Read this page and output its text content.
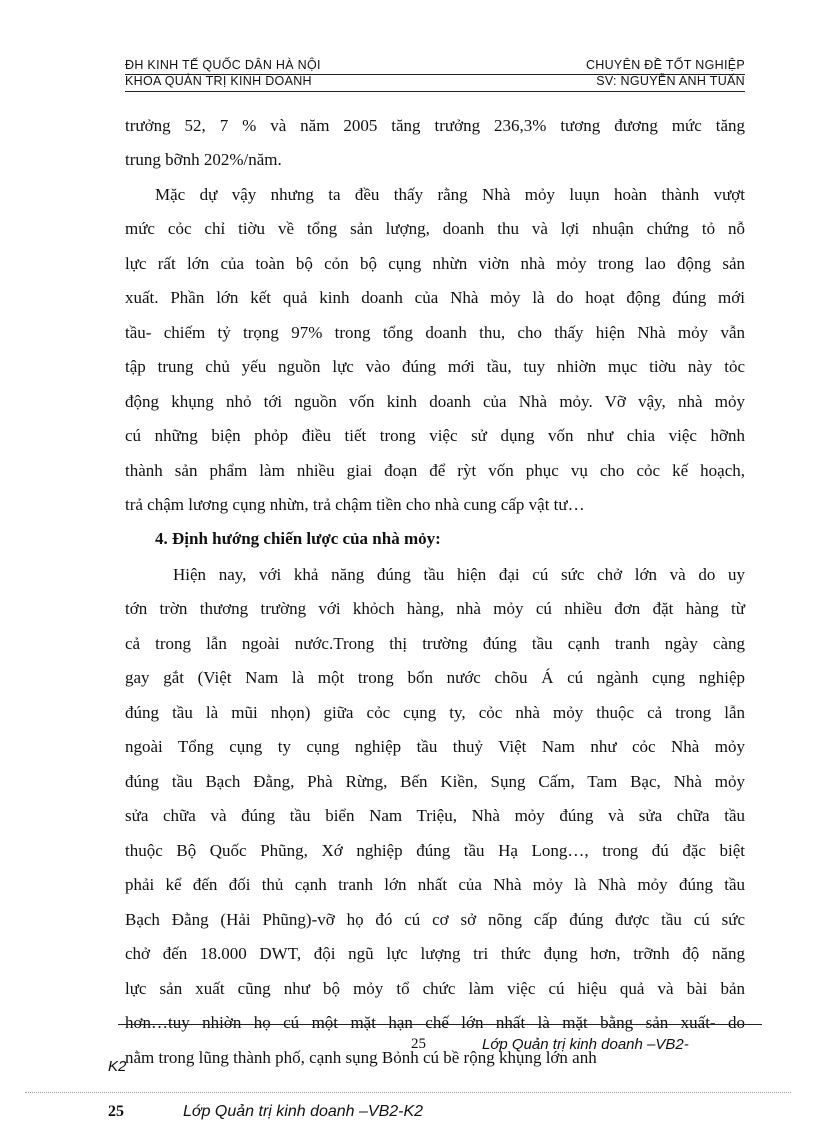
ĐH KINH TẾ QUỐC DÂN HÀ NỘI	CHUYÊN ĐỀ TỐT NGHIỆP
KHOA QUẢN TRỊ KINH DOANH	SV: NGUYỄN ANH TUẤN
trưởng 52, 7 % và năm 2005 tăng trưởng 236,3% tương đương mức tăng
trung bỡnh 202%/năm.
Mặc dự vậy nhưng ta đều thấy rằng Nhà mỏy luụn hoàn thành vượt
mức cỏc chỉ tiờu về tổng sản lượng, doanh thu và lợi nhuận chứng tỏ nỗ
lực rất lớn của toàn bộ cỏn bộ cụng nhừn viờn nhà mỏy trong lao động sản
xuất. Phần lớn kết quả kinh doanh của Nhà mỏy là do hoạt động đúng mới
tầu- chiếm tỷ trọng 97% trong tổng doanh thu, cho thấy hiện Nhà mỏy vẫn
tập trung chủ yếu nguồn lực vào đúng mới tầu, tuy nhiờn mục tiờu này tỏc
động khụng nhỏ tới nguồn vốn kinh doanh của Nhà mỏy. Vỡ vậy, nhà mỏy
cú những biện phỏp điều tiết trong việc sử dụng vốn như chia việc hỡnh
thành sản phẩm làm nhiều giai đoạn để rỳt vốn phục vụ cho cỏc kế hoạch,
trả chậm lương cụng nhừn, trả chậm tiền cho nhà cung cấp vật tư…
4. Định hướng chiến lược của nhà mỏy:
Hiện nay, với khả năng đúng tầu hiện đại cú sức chở lớn và do uy
tớn trờn thương trường với khỏch hàng, nhà mỏy cú nhiều đơn đặt hàng từ
cả trong lẫn ngoài nước.Trong thị trường đúng tầu cạnh tranh ngày càng
gay gắt (Việt Nam là một trong bốn nước chõu Á cú ngành cụng nghiệp
đúng tầu là mũi nhọn) giữa cỏc cụng ty, cỏc nhà mỏy thuộc cả trong lẫn
ngoài Tổng cụng ty cụng nghiệp tầu thuỷ Việt Nam như cỏc Nhà mỏy
đúng tầu Bạch Đằng, Phà Rừng, Bến Kiền, Sụng Cấm, Tam Bạc, Nhà mỏy
sửa chữa và đúng tầu biển Nam Triệu, Nhà mỏy đúng và sửa chữa tầu
thuộc Bộ Quốc Phũng, Xớ nghiệp đúng tầu Hạ Long…, trong đú đặc biệt
phải kể đến đối thủ cạnh tranh lớn nhất của Nhà mỏy là Nhà mỏy đúng tầu
Bạch Đằng (Hải Phũng)-vỡ họ đó cú cơ sở nõng cấp đúng được tầu cú sức
chở đến 18.000 DWT, đội ngũ lực lượng tri thức đụng hơn, trỡnh độ năng
lực sản xuất cũng như bộ mỏy tổ chức làm việc cú hiệu quả và bài bản
hơn…tuy nhiờn họ cú một mặt hạn chế lớn nhất là mặt bằng sản xuất- do
nằm trong lũng thành phố, cạnh sụng Bỏnh cú bề rộng khụng lớn anh
25	Lớp Quản trị kinh doanh –VB2-
K2
25	Lớp Quản trị kinh doanh –VB2-K2
